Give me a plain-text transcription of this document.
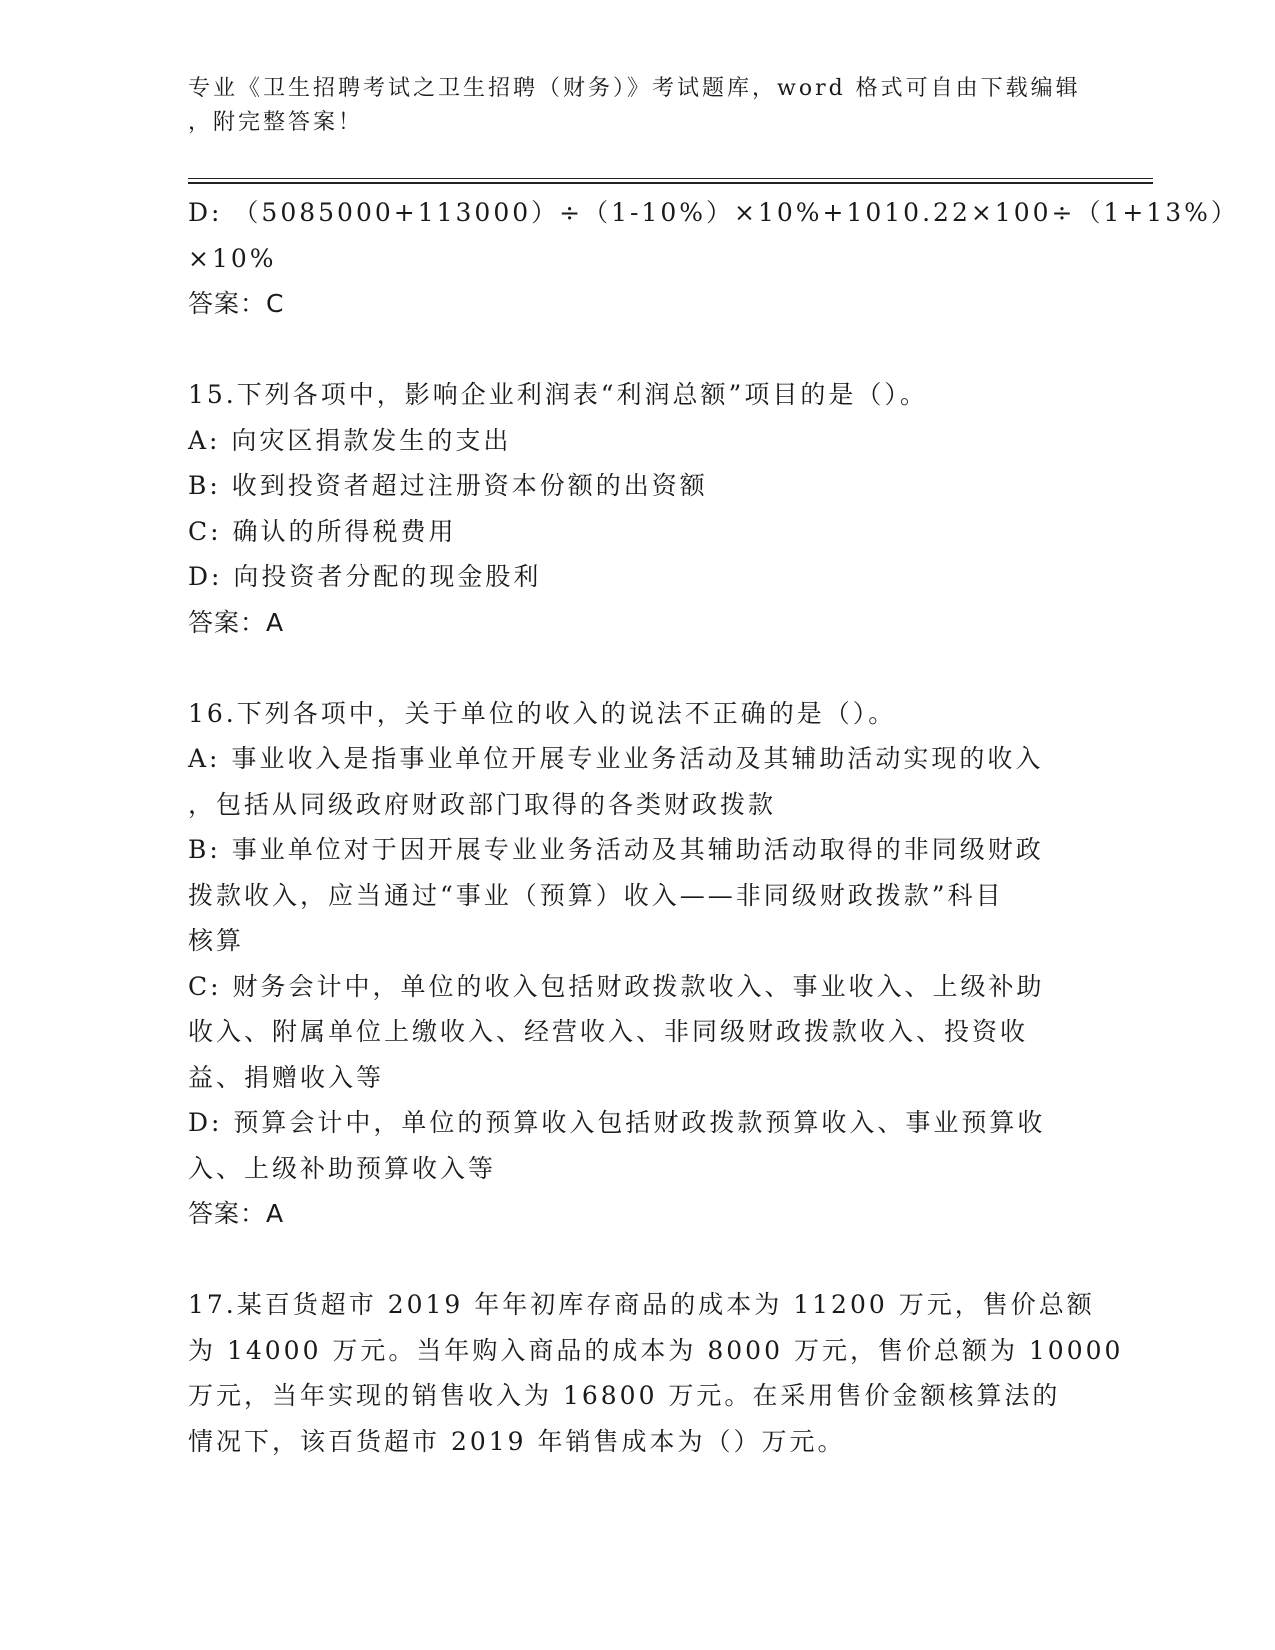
专业《卫生招聘考试之卫生招聘（财务）》考试题库，word 格式可自由下载编辑
，附完整答案！
D: （5085000+113000）÷（1-10%）×10%+1010.22×100÷（1+13%）
×10%
答案：C
15.下列各项中，影响企业利润表“利润总额”项目的是（）。
A: 向灾区捐款发生的支出
B: 收到投资者超过注册资本份额的出资额
C: 确认的所得税费用
D: 向投资者分配的现金股利
答案：A
16.下列各项中，关于单位的收入的说法不正确的是（）。
A: 事业收入是指事业单位开展专业业务活动及其辅助活动实现的收入
，包括从同级政府财政部门取得的各类财政拨款
B: 事业单位对于因开展专业业务活动及其辅助活动取得的非同级财政
拨款收入，应当通过“事业（预算）收入——非同级财政拨款”科目
核算
C: 财务会计中，单位的收入包括财政拨款收入、事业收入、上级补助
收入、附属单位上缴收入、经营收入、非同级财政拨款收入、投资收
益、捐赠收入等
D: 预算会计中，单位的预算收入包括财政拨款预算收入、事业预算收
入、上级补助预算收入等
答案：A
17.某百货超市 2019 年年初库存商品的成本为 11200 万元，售价总额
为 14000 万元。当年购入商品的成本为 8000 万元，售价总额为 10000
万元，当年实现的销售收入为 16800 万元。在采用售价金额核算法的
情况下，该百货超市 2019 年销售成本为（）万元。
